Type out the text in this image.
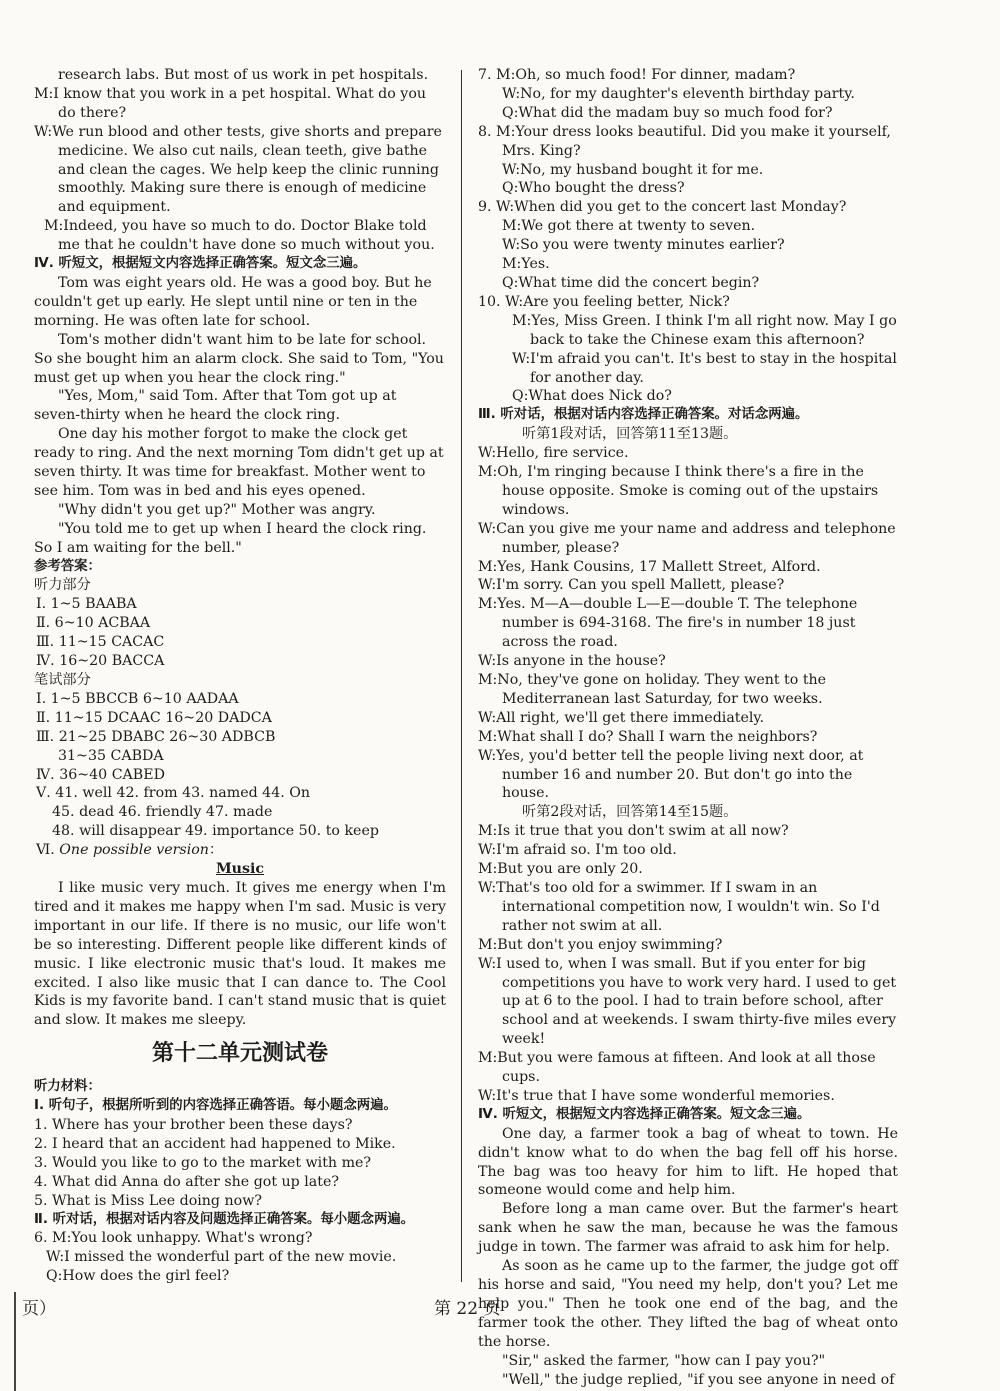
research labs. But most of us work in pet hospitals.

M:I know that you work in a pet hospital. What do you do there?

W:We run blood and other tests, give shorts and prepare medicine. We also cut nails, clean teeth, give bathe and clean the cages. We help keep the clinic running smoothly. Making sure there is enough of medicine and equipment.

M:Indeed, you have so much to do. Doctor Blake told me that he couldn't have done so much without you.

Ⅳ. 听短文，根据短文内容选择正确答案。短文念三遍。

Tom was eight years old. He was a good boy. But he couldn't get up early. He slept until nine or ten in the morning. He was often late for school.

Tom's mother didn't want him to be late for school. So she bought him an alarm clock. She said to Tom, "You must get up when you hear the clock ring."

"Yes, Mom," said Tom. After that Tom got up at seven-thirty when he heard the clock ring.

One day his mother forgot to make the clock get ready to ring. And the next morning Tom didn't get up at seven thirty. It was time for breakfast. Mother went to see him. Tom was in bed and his eyes opened.

"Why didn't you get up?" Mother was angry.

"You told me to get up when I heard the clock ring. So I am waiting for the bell."

参考答案：

听力部分

Ⅰ. 1~5 BAABA

Ⅱ. 6~10 ACBAA

Ⅲ. 11~15 CACAC

Ⅳ. 16~20 BACCA

笔试部分

Ⅰ. 1~5 BBCCB 6~10 AADAA

Ⅱ. 11~15 DCAAC 16~20 DADCA

Ⅲ. 21~25 DBABC 26~30 ADBCB

31~35 CABDA

Ⅳ. 36~40 CABED

Ⅴ. 41. well 42. from 43. named 44. On

45. dead 46. friendly 47. made

48. will disappear 49. importance 50. to keep

Ⅵ. One possible version：

Music

I like music very much. It gives me energy when I'm tired and it makes me happy when I'm sad. Music is very important in our life. If there is no music, our life won't be so interesting. Different people like different kinds of music. I like electronic music that's loud. It makes me excited. I also like music that I can dance to. The Cool Kids is my favorite band. I can't stand music that is quiet and slow. It makes me sleepy.

第十二单元测试卷

听力材料：

Ⅰ. 听句子，根据所听到的内容选择正确答语。每小题念两遍。

1. Where has your brother been these days?

2. I heard that an accident had happened to Mike.

3. Would you like to go to the market with me?

4. What did Anna do after she got up late?

5. What is Miss Lee doing now?

Ⅱ. 听对话，根据对话内容及问题选择正确答案。每小题念两遍。

6. M:You look unhappy. What's wrong?

W:I missed the wonderful part of the new movie.

Q:How does the girl feel?

7. M:Oh, so much food! For dinner, madam?

W:No, for my daughter's eleventh birthday party.

Q:What did the madam buy so much food for?

8. M:Your dress looks beautiful. Did you make it yourself, Mrs. King?

W:No, my husband bought it for me.

Q:Who bought the dress?

9. W:When did you get to the concert last Monday?

M:We got there at twenty to seven.

W:So you were twenty minutes earlier?

M:Yes.

Q:What time did the concert begin?

10. W:Are you feeling better, Nick?

M:Yes, Miss Green. I think I'm all right now. May I go back to take the Chinese exam this afternoon?

W:I'm afraid you can't. It's best to stay in the hospital for another day.

Q:What does Nick do?

Ⅲ. 听对话，根据对话内容选择正确答案。对话念两遍。

听第1段对话，回答第11至13题。

W:Hello, fire service.

M:Oh, I'm ringing because I think there's a fire in the house opposite. Smoke is coming out of the upstairs windows.

W:Can you give me your name and address and telephone number, please?

M:Yes, Hank Cousins, 17 Mallett Street, Alford.

W:I'm sorry. Can you spell Mallett, please?

M:Yes. M—A—double L—E—double T. The telephone number is 694-3168. The fire's in number 18 just across the road.

W:Is anyone in the house?

M:No, they've gone on holiday. They went to the Mediterranean last Saturday, for two weeks.

W:All right, we'll get there immediately.

M:What shall I do? Shall I warn the neighbors?

W:Yes, you'd better tell the people living next door, at number 16 and number 20. But don't go into the house.

听第2段对话，回答第14至15题。

M:Is it true that you don't swim at all now?

W:I'm afraid so. I'm too old.

M:But you are only 20.

W:That's too old for a swimmer. If I swam in an international competition now, I wouldn't win. So I'd rather not swim at all.

M:But don't you enjoy swimming?

W:I used to, when I was small. But if you enter for big competitions you have to work very hard. I used to get up at 6 to the pool. I had to train before school, after school and at weekends. I swam thirty-five miles every week!

M:But you were famous at fifteen. And look at all those cups.

W:It's true that I have some wonderful memories.

Ⅳ. 听短文，根据短文内容选择正确答案。短文念三遍。

One day, a farmer took a bag of wheat to town. He didn't know what to do when the bag fell off his horse. The bag was too heavy for him to lift. He hoped that someone would come and help him.

Before long a man came over. But the farmer's heart sank when he saw the man, because he was the famous judge in town. The farmer was afraid to ask him for help.

As soon as he came up to the farmer, the judge got off his horse and said, "You need my help, don't you? Let me help you." Then he took one end of the bag, and the farmer took the other. They lifted the bag of wheat onto the horse.

"Sir," asked the farmer, "how can I pay you?"

"Well," the judge replied, "if you see anyone in need of

页）	第 22 页
